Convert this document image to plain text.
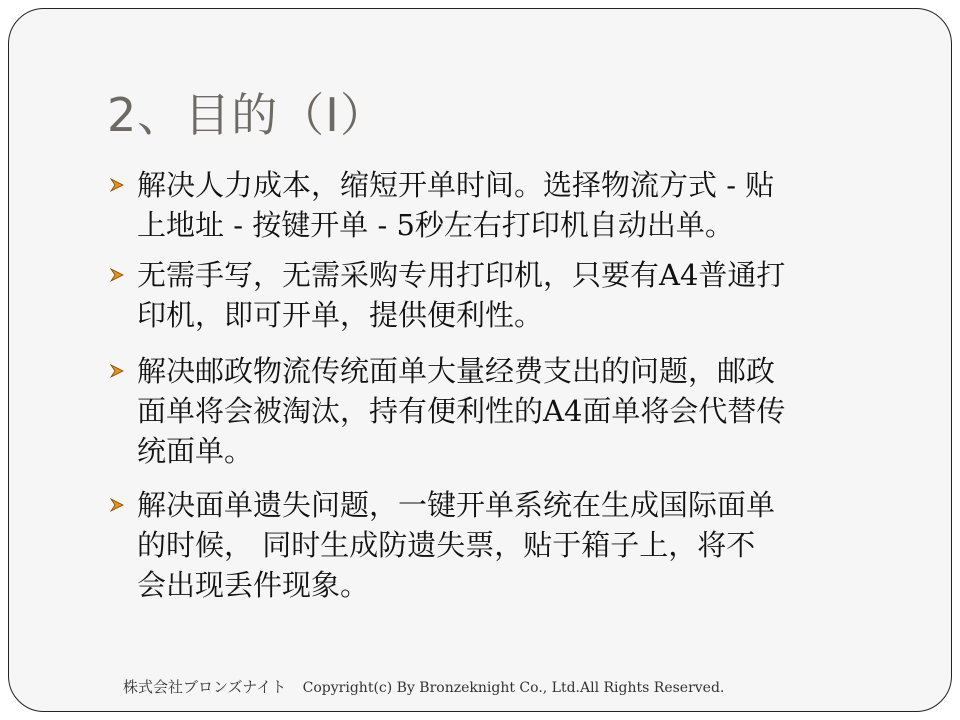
2、目的（I）
解决人力成本，缩短开单时间。选择物流方式 - 贴
上地址 - 按键开单 - 5秒左右打印机自动出单。
无需手写，无需采购专用打印机，只要有A4普通打
印机，即可开单，提供便利性。
解决邮政物流传统面单大量经费支出的问题，邮政
面单将会被淘汰，持有便利性的A4面单将会代替传
统面单。
解决面单遗失问题，一键开单系统在生成国际面单
的时候， 同时生成防遗失票，贴于箱子上，将不
会出现丢件现象。
株式会社ブロンズナイト Copyright(c) By Bronzeknight Co., Ltd.All Rights Reserved.
